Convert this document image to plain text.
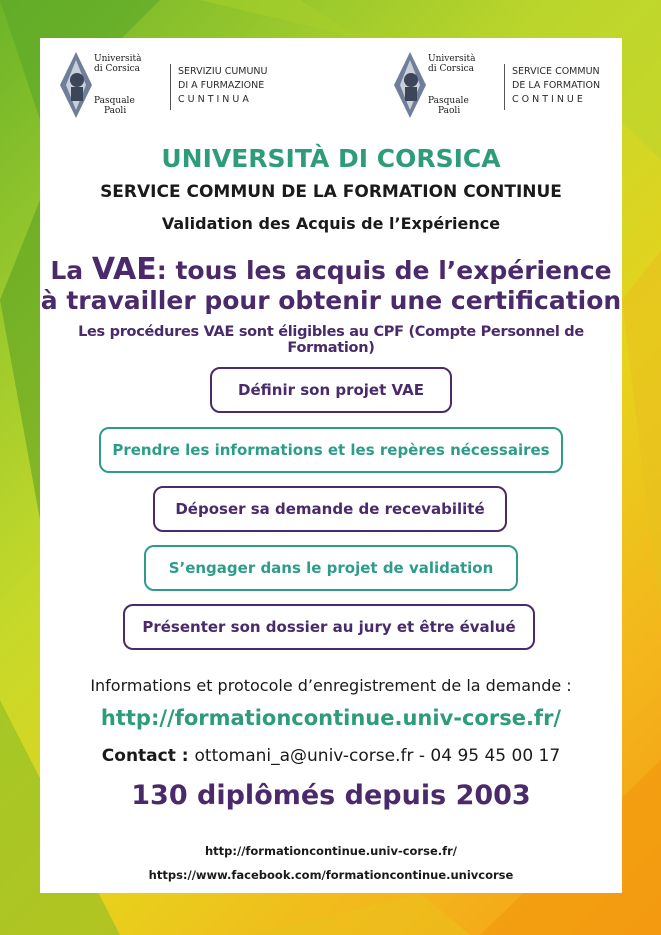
Università
di Corsica
Pasquale
Paoli
SERVIZIU CUMUNU
DI A FURMAZIONE
CUNTINUA
Università
di Corsica
Pasquale
Paoli
SERVICE COMMUN
DE LA FORMATION
CONTINUE
UNIVERSITÀ DI CORSICA
SERVICE COMMUN DE LA FORMATION CONTINUE
Validation des Acquis de l’Expérience
La VAE: tous les acquis de l’expérience
à travailler pour obtenir une certification
Les procédures VAE sont éligibles au CPF (Compte Personnel de Formation)
Définir son projet VAE
Prendre les informations et les repères nécessaires
Déposer sa demande de recevabilité
S’engager dans le projet de validation
Présenter son dossier au jury et être évalué
Informations et protocole d’enregistrement de la demande :
http://formationcontinue.univ-corse.fr/
Contact : ottomani_a@univ-corse.fr - 04 95 45 00 17
130 diplômés depuis 2003
http://formationcontinue.univ-corse.fr/
https://www.facebook.com/formationcontinue.univcorse
